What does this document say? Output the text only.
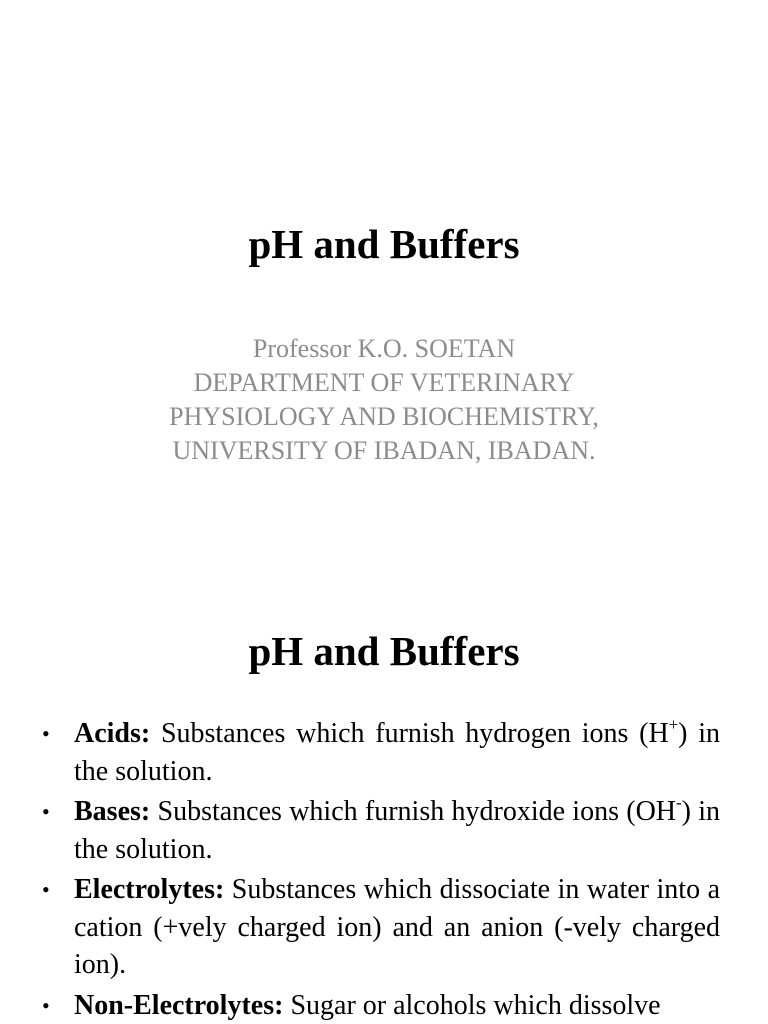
pH and Buffers
Professor K.O. SOETAN
DEPARTMENT OF VETERINARY
PHYSIOLOGY AND BIOCHEMISTRY,
UNIVERSITY OF IBADAN, IBADAN.
pH and Buffers
• Acids: Substances which furnish hydrogen ions (H+) in the solution.
• Bases: Substances which furnish hydroxide ions (OH-) in the solution.
• Electrolytes: Substances which dissociate in water into a cation (+vely charged ion) and an anion (-vely charged ion).
• Non-Electrolytes: Sugar or alcohols which dissolve
